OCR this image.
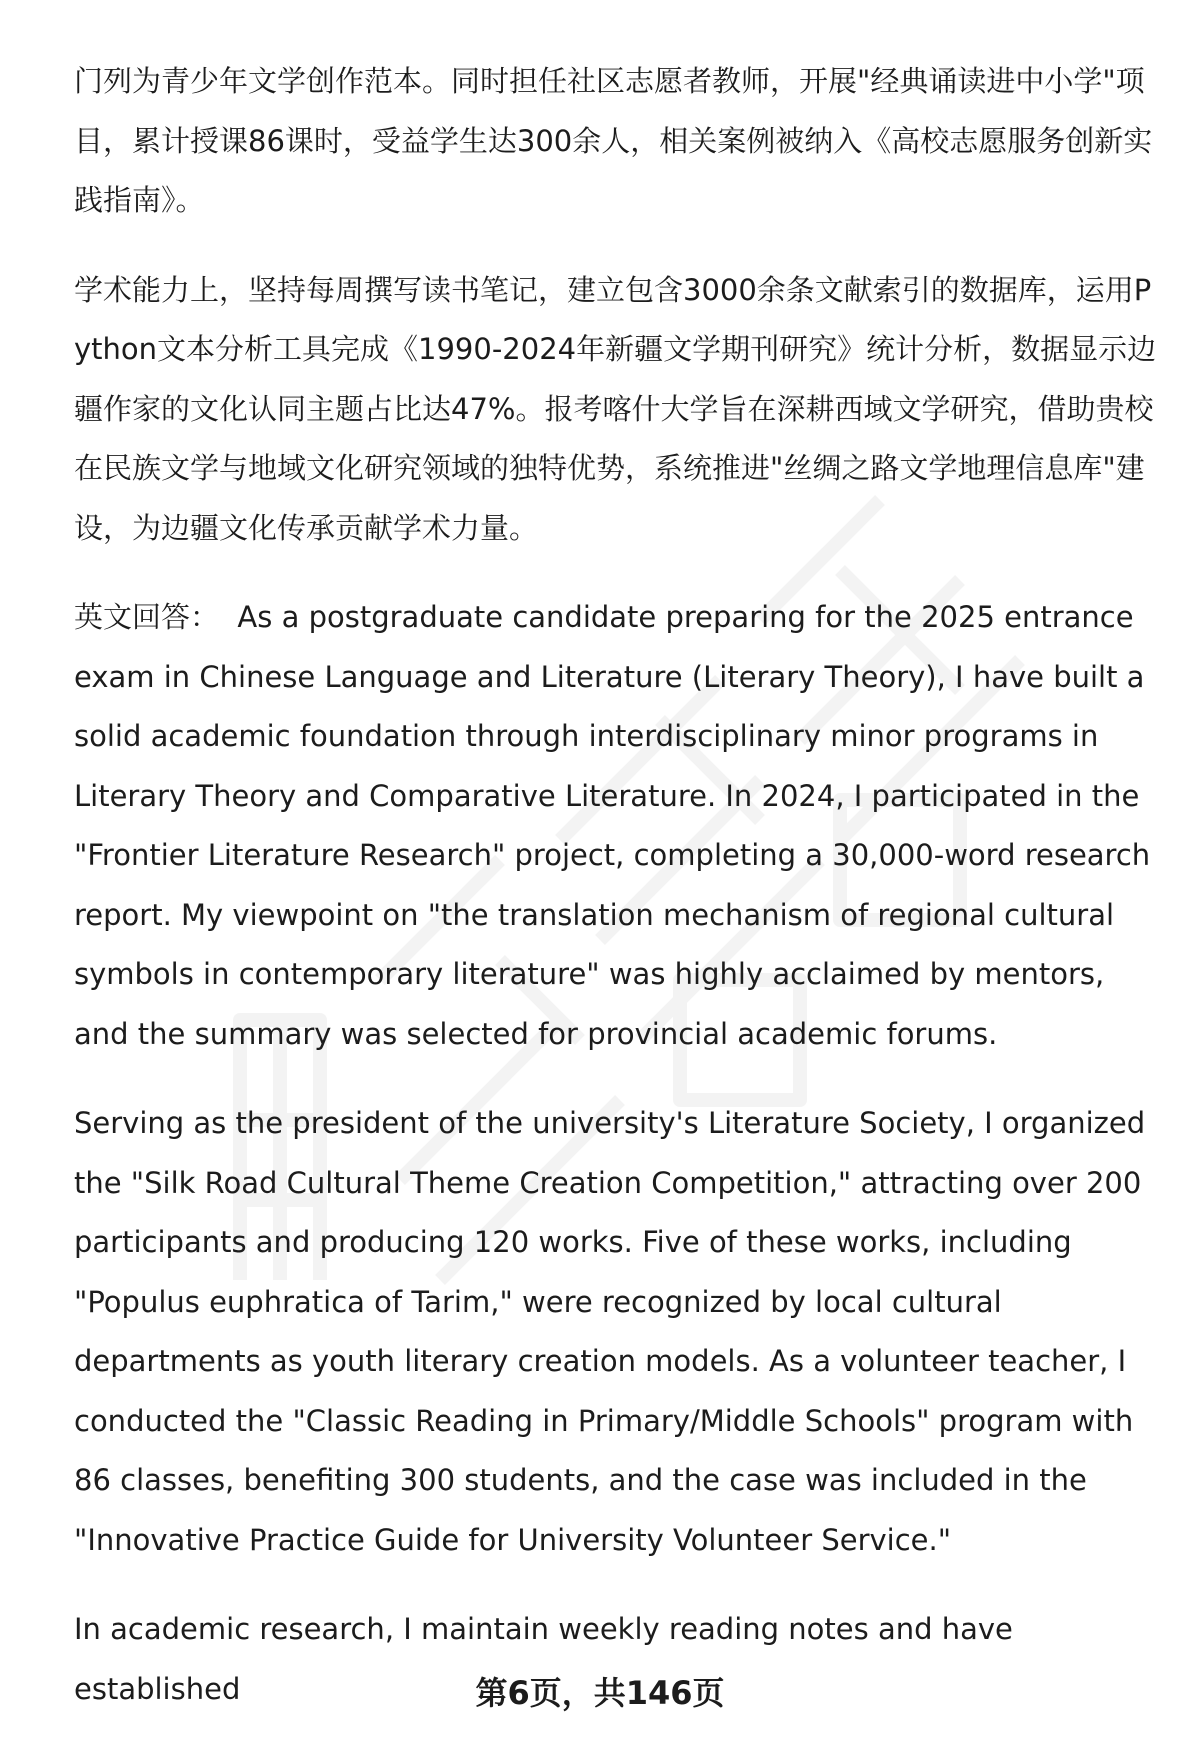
门列为青少年文学创作范本。同时担任社区志愿者教师，开展"经典诵读进中小学"项目，累计授课86课时，受益学生达300余人，相关案例被纳入《高校志愿服务创新实践指南》。

学术能力上，坚持每周撰写读书笔记，建立包含3000余条文献索引的数据库，运用Python文本分析工具完成《1990-2024年新疆文学期刊研究》统计分析，数据显示边疆作家的文化认同主题占比达47%。报考喀什大学旨在深耕西域文学研究，借助贵校在民族文学与地域文化研究领域的独特优势，系统推进"丝绸之路文学地理信息库"建设，为边疆文化传承贡献学术力量。

英文回答：  As a postgraduate candidate preparing for the 2025 entrance exam in Chinese Language and Literature (Literary Theory), I have built a solid academic foundation through interdisciplinary minor programs in Literary Theory and Comparative Literature. In 2024, I participated in the "Frontier Literature Research" project, completing a 30,000-word research report. My viewpoint on "the translation mechanism of regional cultural symbols in contemporary literature" was highly acclaimed by mentors, and the summary was selected for provincial academic forums.

Serving as the president of the university's Literature Society, I organized the "Silk Road Cultural Theme Creation Competition," attracting over 200 participants and producing 120 works. Five of these works, including "Populus euphratica of Tarim," were recognized by local cultural departments as youth literary creation models. As a volunteer teacher, I conducted the "Classic Reading in Primary/Middle Schools" program with 86 classes, benefiting 300 students, and the case was included in the "Innovative Practice Guide for University Volunteer Service."

In academic research, I maintain weekly reading notes and have established	第6页，共146页
